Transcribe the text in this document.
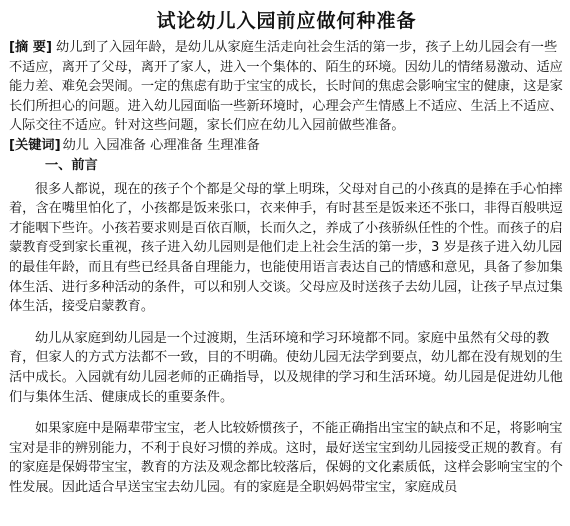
试论幼儿入园前应做何种准备

[摘 要] 幼儿到了入园年龄，是幼儿从家庭生活走向社会生活的第一步，孩子上幼儿园会有一些不适应，离开了父母，离开了家人，进入一个集体的、陌生的环境。因幼儿的情绪易激动、适应能力差、难免会哭闹。一定的焦虑有助于宝宝的成长，长时间的焦虑会影响宝宝的健康，这是家长们所担心的问题。进入幼儿园面临一些新环境时，心理会产生情感上不适应、生活上不适应、人际交往不适应。针对这些问题，家长们应在幼儿入园前做些准备。

[关键词] 幼儿 入园准备 心理准备 生理准备

一、前言

很多人都说，现在的孩子个个都是父母的掌上明珠，父母对自己的小孩真的是捧在手心怕摔着，含在嘴里怕化了，小孩都是饭来张口，衣来伸手，有时甚至是饭来还不张口，非得百般哄逗才能咽下些许。小孩若要求则是百依百顺，长而久之，养成了小孩骄纵任性的个性。而孩子的启蒙教育受到家长重视，孩子进入幼儿园则是他们走上社会生活的第一步，3 岁是孩子进入幼儿园的最佳年龄，而且有些已经具备自理能力，也能使用语言表达自己的情感和意见，具备了参加集体生活、进行多种活动的条件，可以和别人交谈。父母应及时送孩子去幼儿园，让孩子早点过集体生活，接受启蒙教育。

幼儿从家庭到幼儿园是一个过渡期，生活环境和学习环境都不同。家庭中虽然有父母的教育，但家人的方式方法都不一致，目的不明确。使幼儿园无法学到要点，幼儿都在没有规划的生活中成长。入园就有幼儿园老师的正确指导，以及规律的学习和生活环境。幼儿园是促进幼儿他们与集体生活、健康成长的重要条件。

如果家庭中是隔辈带宝宝，老人比较娇惯孩子，不能正确指出宝宝的缺点和不足，将影响宝宝对是非的辨别能力，不利于良好习惯的养成。这时，最好送宝宝到幼儿园接受正规的教育。有的家庭是保姆带宝宝，教育的方法及观念都比较落后，保姆的文化素质低，这样会影响宝宝的个性发展。因此适合早送宝宝去幼儿园。有的家庭是全职妈妈带宝宝，家庭成员
